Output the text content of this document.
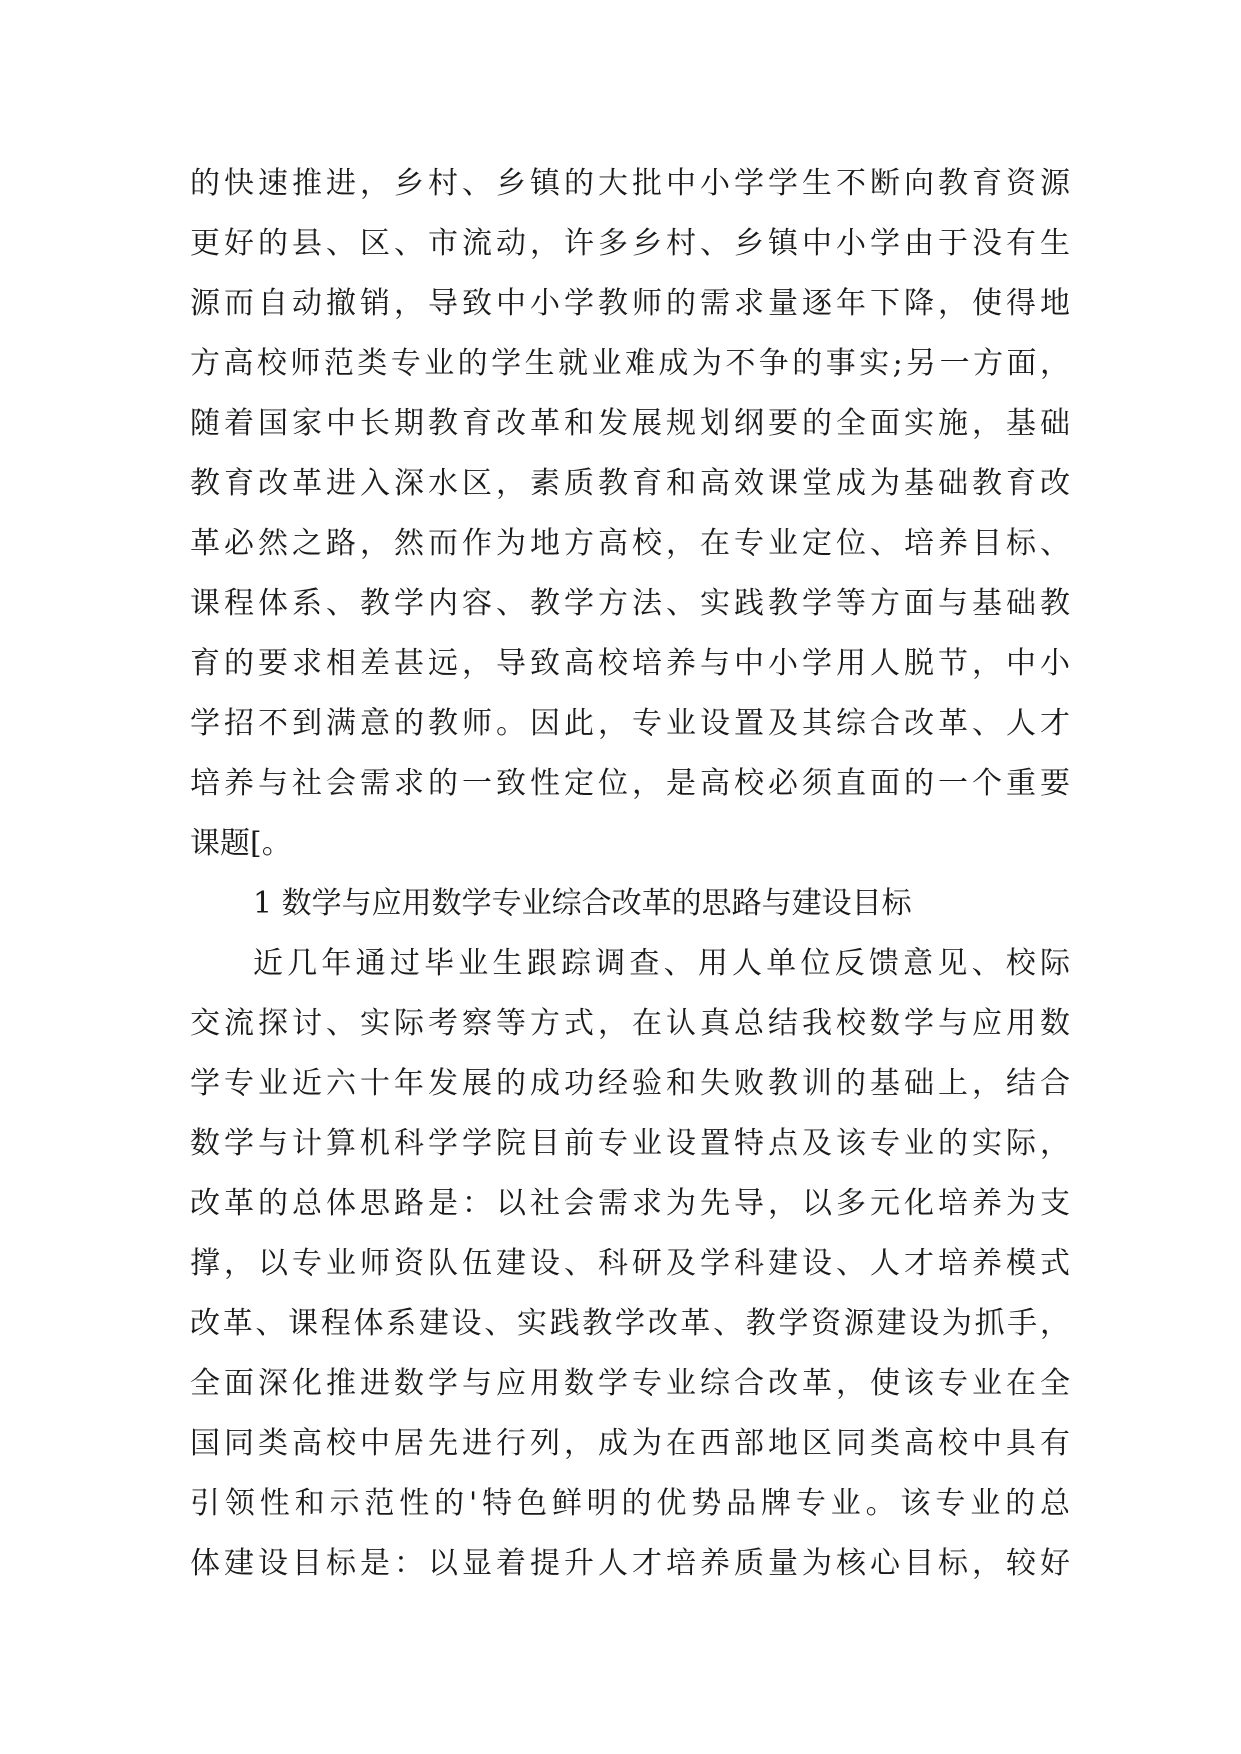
的快速推进，乡村、乡镇的大批中小学学生不断向教育资源
更好的县、区、市流动，许多乡村、乡镇中小学由于没有生
源而自动撤销，导致中小学教师的需求量逐年下降，使得地
方高校师范类专业的学生就业难成为不争的事实;另一方面，
随着国家中长期教育改革和发展规划纲要的全面实施，基础
教育改革进入深水区，素质教育和高效课堂成为基础教育改
革必然之路，然而作为地方高校，在专业定位、培养目标、
课程体系、教学内容、教学方法、实践教学等方面与基础教
育的要求相差甚远，导致高校培养与中小学用人脱节，中小
学招不到满意的教师。因此，专业设置及其综合改革、人才
培养与社会需求的一致性定位，是高校必须直面的一个重要
课题[。
1 数学与应用数学专业综合改革的思路与建设目标
近几年通过毕业生跟踪调查、用人单位反馈意见、校际
交流探讨、实际考察等方式，在认真总结我校数学与应用数
学专业近六十年发展的成功经验和失败教训的基础上，结合
数学与计算机科学学院目前专业设置特点及该专业的实际，
改革的总体思路是：以社会需求为先导，以多元化培养为支
撑，以专业师资队伍建设、科研及学科建设、人才培养模式
改革、课程体系建设、实践教学改革、教学资源建设为抓手，
全面深化推进数学与应用数学专业综合改革，使该专业在全
国同类高校中居先进行列，成为在西部地区同类高校中具有
引领性和示范性的'特色鲜明的优势品牌专业。该专业的总
体建设目标是：以显着提升人才培养质量为核心目标，较好
